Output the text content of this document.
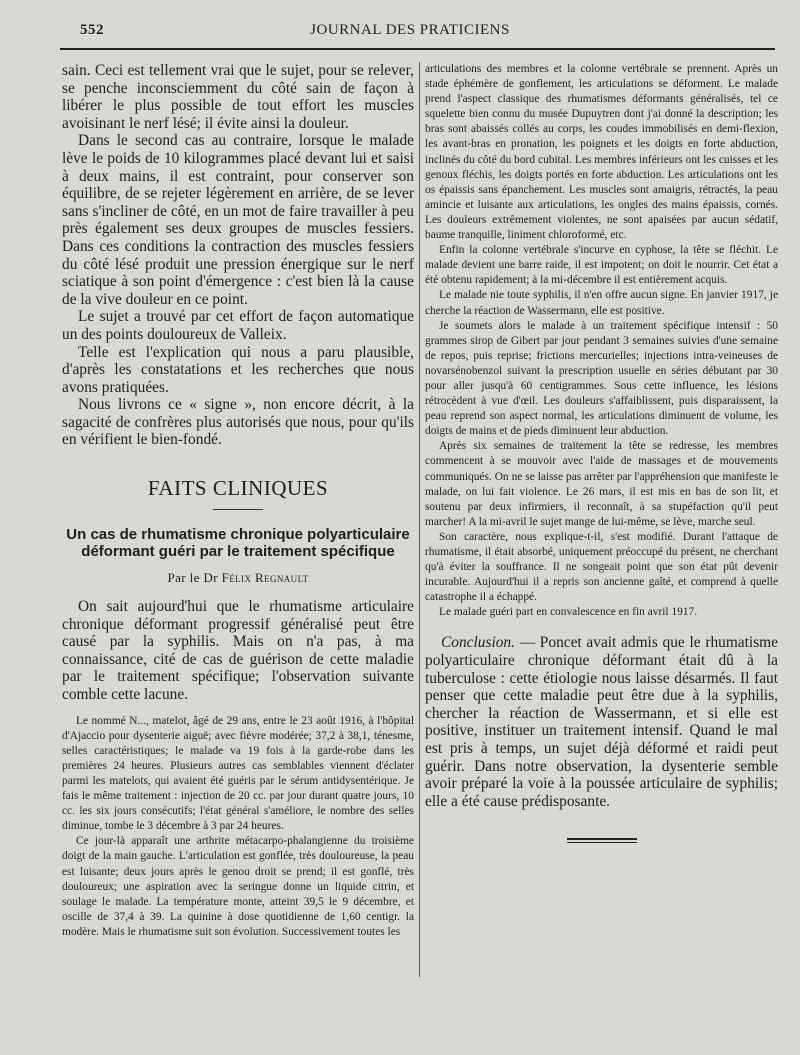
552	JOURNAL DES PRATICIENS

sain. Ceci est tellement vrai que le sujet, pour se relever, se penche inconsciemment du côté sain de façon à libérer le plus possible de tout effort les muscles avoisinant le nerf lésé; il évite ainsi la douleur.

Dans le second cas au contraire, lorsque le malade lève le poids de 10 kilogrammes placé devant lui et saisi à deux mains, il est contraint, pour conserver son équilibre, de se rejeter légèrement en arrière, de se lever sans s'incliner de côté, en un mot de faire travailler à peu près également ses deux groupes de muscles fessiers. Dans ces conditions la contraction des muscles fessiers du côté lésé produit une pression énergique sur le nerf sciatique à son point d'émergence : c'est bien là la cause de la vive douleur en ce point.

Le sujet a trouvé par cet effort de façon automatique un des points douloureux de Valleix.

Telle est l'explication qui nous a paru plausible, d'après les constatations et les recherches que nous avons pratiquées.

Nous livrons ce « signe », non encore décrit, à la sagacité de confrères plus autorisés que nous, pour qu'ils en vérifient le bien-fondé.

FAITS CLINIQUES

Un cas de rhumatisme chronique polyarticulaire déformant guéri par le traitement spécifique

Par le Dr Félix Regnault

On sait aujourd'hui que le rhumatisme articulaire chronique déformant progressif généralisé peut être causé par la syphilis. Mais on n'a pas, à ma connaissance, cité de cas de guérison de cette maladie par le traitement spécifique; l'observation suivante comble cette lacune.

Le nommé N..., matelot, âgé de 29 ans, entre le 23 août 1916, à l'hôpital d'Ajaccio pour dysenterie aiguë; avec fièvre modérée; 37,2 à 38,1, ténesme, selles caractéristiques; le malade va 19 fois à la garde-robe dans les premières 24 heures. Plusieurs autres cas semblables viennent d'éclater parmi les matelots, qui avaient été guéris par le sérum antidysentérique. Je fais le même traitement : injection de 20 cc. par jour durant quatre jours, 10 cc. les six jours consécutifs; l'état général s'améliore, le nombre des selles diminue, tombe le 3 décembre à 3 par 24 heures.

Ce jour-là apparaît une arthrite métacarpo-phalangienne du troisième doigt de la main gauche. L'articulation est gonflée, très douloureuse, la peau est luisante; deux jours après le genou droit se prend; il est gonflé, très douloureux; une aspiration avec la seringue donne un liquide citrin, et soulage le malade. La température monte, atteint 39,5 le 9 décembre, et oscille de 37,4 à 39. La quinine à dose quotidienne de 1,60 centigr. la modère. Mais le rhumatisme suit son évolution. Successivement toutes les

articulations des membres et la colonne vertébrale se prennent. Après un stade éphémère de gonflement, les articulations se déforment. Le malade prend l'aspect classique des rhumatismes déformants généralisés, tel ce squelette bien connu du musée Dupuytren dont j'ai donné la description; les bras sont abaissés collés au corps, les coudes immobilisés en demi-flexion, les avant-bras en pronation, les poignets et les doigts en forte abduction, inclinés du côté du bord cubital. Les membres inférieurs ont les cuisses et les genoux fléchis, les doigts portés en forte abduction. Les articulations ont les os épaissis sans épanchement. Les muscles sont amaigris, rétractés, la peau amincie et luisante aux articulations, les ongles des mains épaissis, cornés. Les douleurs extrêmement violentes, ne sont apaisées par aucun sédatif, baume tranquille, liniment chloroformé, etc.

Enfin la colonne vertébrale s'incurve en cyphose, la tête se fléchit. Le malade devient une barre raide, il est impotent; on doit le nourrir. Cet état a été obtenu rapidement; à la mi-décembre il est entièrement acquis.

Le malade nie toute syphilis, il n'en offre aucun signe. En janvier 1917, je cherche la réaction de Wassermann, elle est positive.

Je soumets alors le malade à un traitement spécifique intensif : 50 grammes sirop de Gibert par jour pendant 3 semaines suivies d'une semaine de repos, puis reprise; frictions mercurielles; injections intra-veineuses de novarsénobenzol suivant la prescription usuelle en séries débutant par 30 pour aller jusqu'à 60 centigrammes. Sous cette influence, les lésions rétrocèdent à vue d'œil. Les douleurs s'affaiblissent, puis disparaissent, la peau reprend son aspect normal, les articulations diminuent de volume, les doigts de mains et de pieds diminuent leur abduction.

Après six semaines de traitement la tête se redresse, les membres commencent à se mouvoir avec l'aide de massages et de mouvements communiqués. On ne se laisse pas arrêter par l'appréhension que manifeste le malade, on lui fait violence. Le 26 mars, il est mis en bas de son lit, et soutenu par deux infirmiers, il reconnaît, à sa stupéfaction qu'il peut marcher! A la mi-avril le sujet mange de lui-même, se lève, marche seul.

Son caractère, nous explique-t-il, s'est modifié. Durant l'attaque de rhumatisme, il était absorbé, uniquement préoccupé du présent, ne cherchant qu'à éviter la souffrance. Il ne songeait point que son état pût devenir incurable. Aujourd'hui il a repris son ancienne gaîté, et comprend à quelle catastrophe il a échappé.

Le malade guéri part en convalescence en fin avril 1917.

Conclusion. — Poncet avait admis que le rhumatisme polyarticulaire chronique déformant était dû à la tuberculose : cette étiologie nous laisse désarmés. Il faut penser que cette maladie peut être due à la syphilis, chercher la réaction de Wassermann, et si elle est positive, instituer un traitement intensif. Quand le mal est pris à temps, un sujet déjà déformé et raidi peut guérir. Dans notre observation, la dysenterie semble avoir préparé la voie à la poussée articulaire de syphilis; elle a été cause prédisposante.
